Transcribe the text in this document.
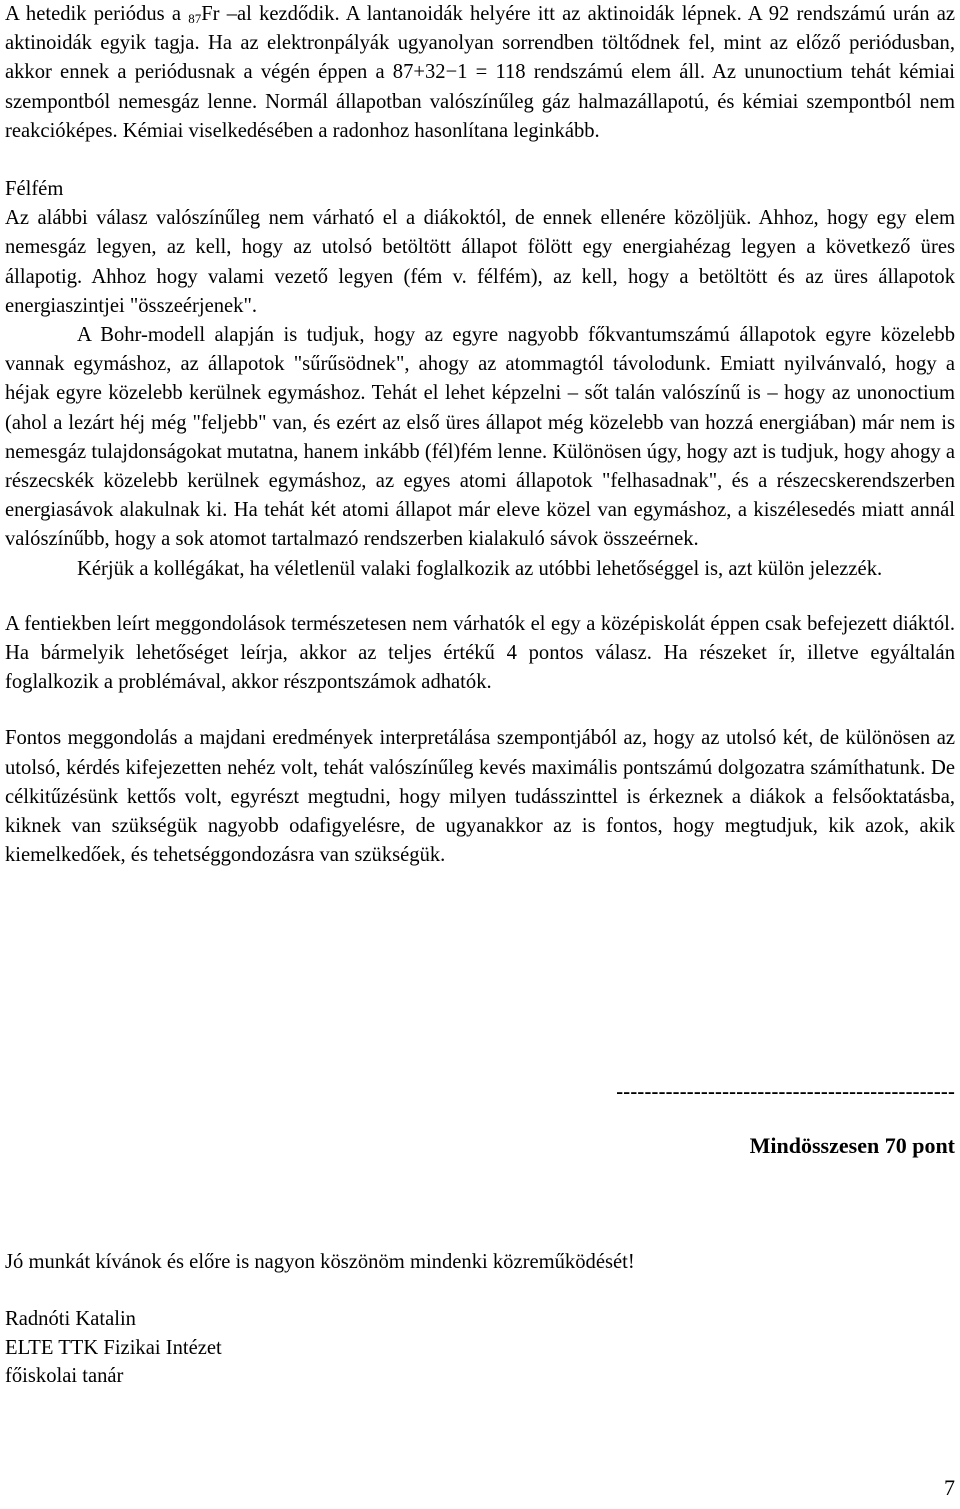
A hetedik periódus a $_{87}$Fr –al kezdődik. A lantanoidák helyére itt az aktinoidák lépnek. A 92 rendszámú urán az aktinoidák egyik tagja. Ha az elektronpályák ugyanolyan sorrendben töltődnek fel, mint az előző periódusban, akkor ennek a periódusnak a végén éppen a 87+32−1 = 118 rendszámú elem áll. Az ununoctium tehát kémiai szempontból nemesgáz lenne. Normál állapotban valószínűleg gáz halmazállapotú, és kémiai szempontból nem reakcióképes. Kémiai viselkedésében a radonhoz hasonlítana leginkább.

Félfém

Az alábbi válasz valószínűleg nem várható el a diákoktól, de ennek ellenére közöljük. Ahhoz, hogy egy elem nemesgáz legyen, az kell, hogy az utolsó betöltött állapot fölött egy energiahézag legyen a következő üres állapotig. Ahhoz hogy valami vezető legyen (fém v. félfém), az kell, hogy a betöltött és az üres állapotok energiaszintjei "összeérjenek".

A Bohr-modell alapján is tudjuk, hogy az egyre nagyobb főkvantumszámú állapotok egyre közelebb vannak egymáshoz, az állapotok "sűrűsödnek", ahogy az atommagtól távolodunk. Emiatt nyilvánvaló, hogy a héjak egyre közelebb kerülnek egymáshoz. Tehát el lehet képzelni – sőt talán valószínű is – hogy az unonoctium (ahol a lezárt héj még "feljebb" van, és ezért az első üres állapot még közelebb van hozzá energiában) már nem is nemesgáz tulajdonságokat mutatna, hanem inkább (fél)fém lenne. Különösen úgy, hogy azt is tudjuk, hogy ahogy a részecskék közelebb kerülnek egymáshoz, az egyes atomi állapotok "felhasadnak", és a részecskerendszerben energiasávok alakulnak ki. Ha tehát két atomi állapot már eleve közel van egymáshoz, a kiszélesedés miatt annál valószínűbb, hogy a sok atomot tartalmazó rendszerben kialakuló sávok összeérnek.

Kérjük a kollégákat, ha véletlenül valaki foglalkozik az utóbbi lehetőséggel is, azt külön jelezzék.

A fentiekben leírt meggondolások természetesen nem várhatók el egy a középiskolát éppen csak befejezett diáktól. Ha bármelyik lehetőséget leírja, akkor az teljes értékű 4 pontos válasz. Ha részeket ír, illetve egyáltalán foglalkozik a problémával, akkor részpontszámok adhatók.

Fontos meggondolás a majdani eredmények interpretálása szempontjából az, hogy az utolsó két, de különösen az utolsó, kérdés kifejezetten nehéz volt, tehát valószínűleg kevés maximális pontszámú dolgozatra számíthatunk. De célkitűzésünk kettős volt, egyrészt megtudni, hogy milyen tudásszinttel is érkeznek a diákok a felsőoktatásba, kiknek van szükségük nagyobb odafigyelésre, de ugyanakkor az is fontos, hogy megtudjuk, kik azok, akik kiemelkedőek, és tehetséggondozásra van szükségük.

------------------------------------------------
Mindösszesen 70 pont
Jó munkát kívánok és előre is nagyon köszönöm mindenki közreműködését!
Radnóti Katalin
ELTE TTK Fizikai Intézet
főiskolai tanár
7
